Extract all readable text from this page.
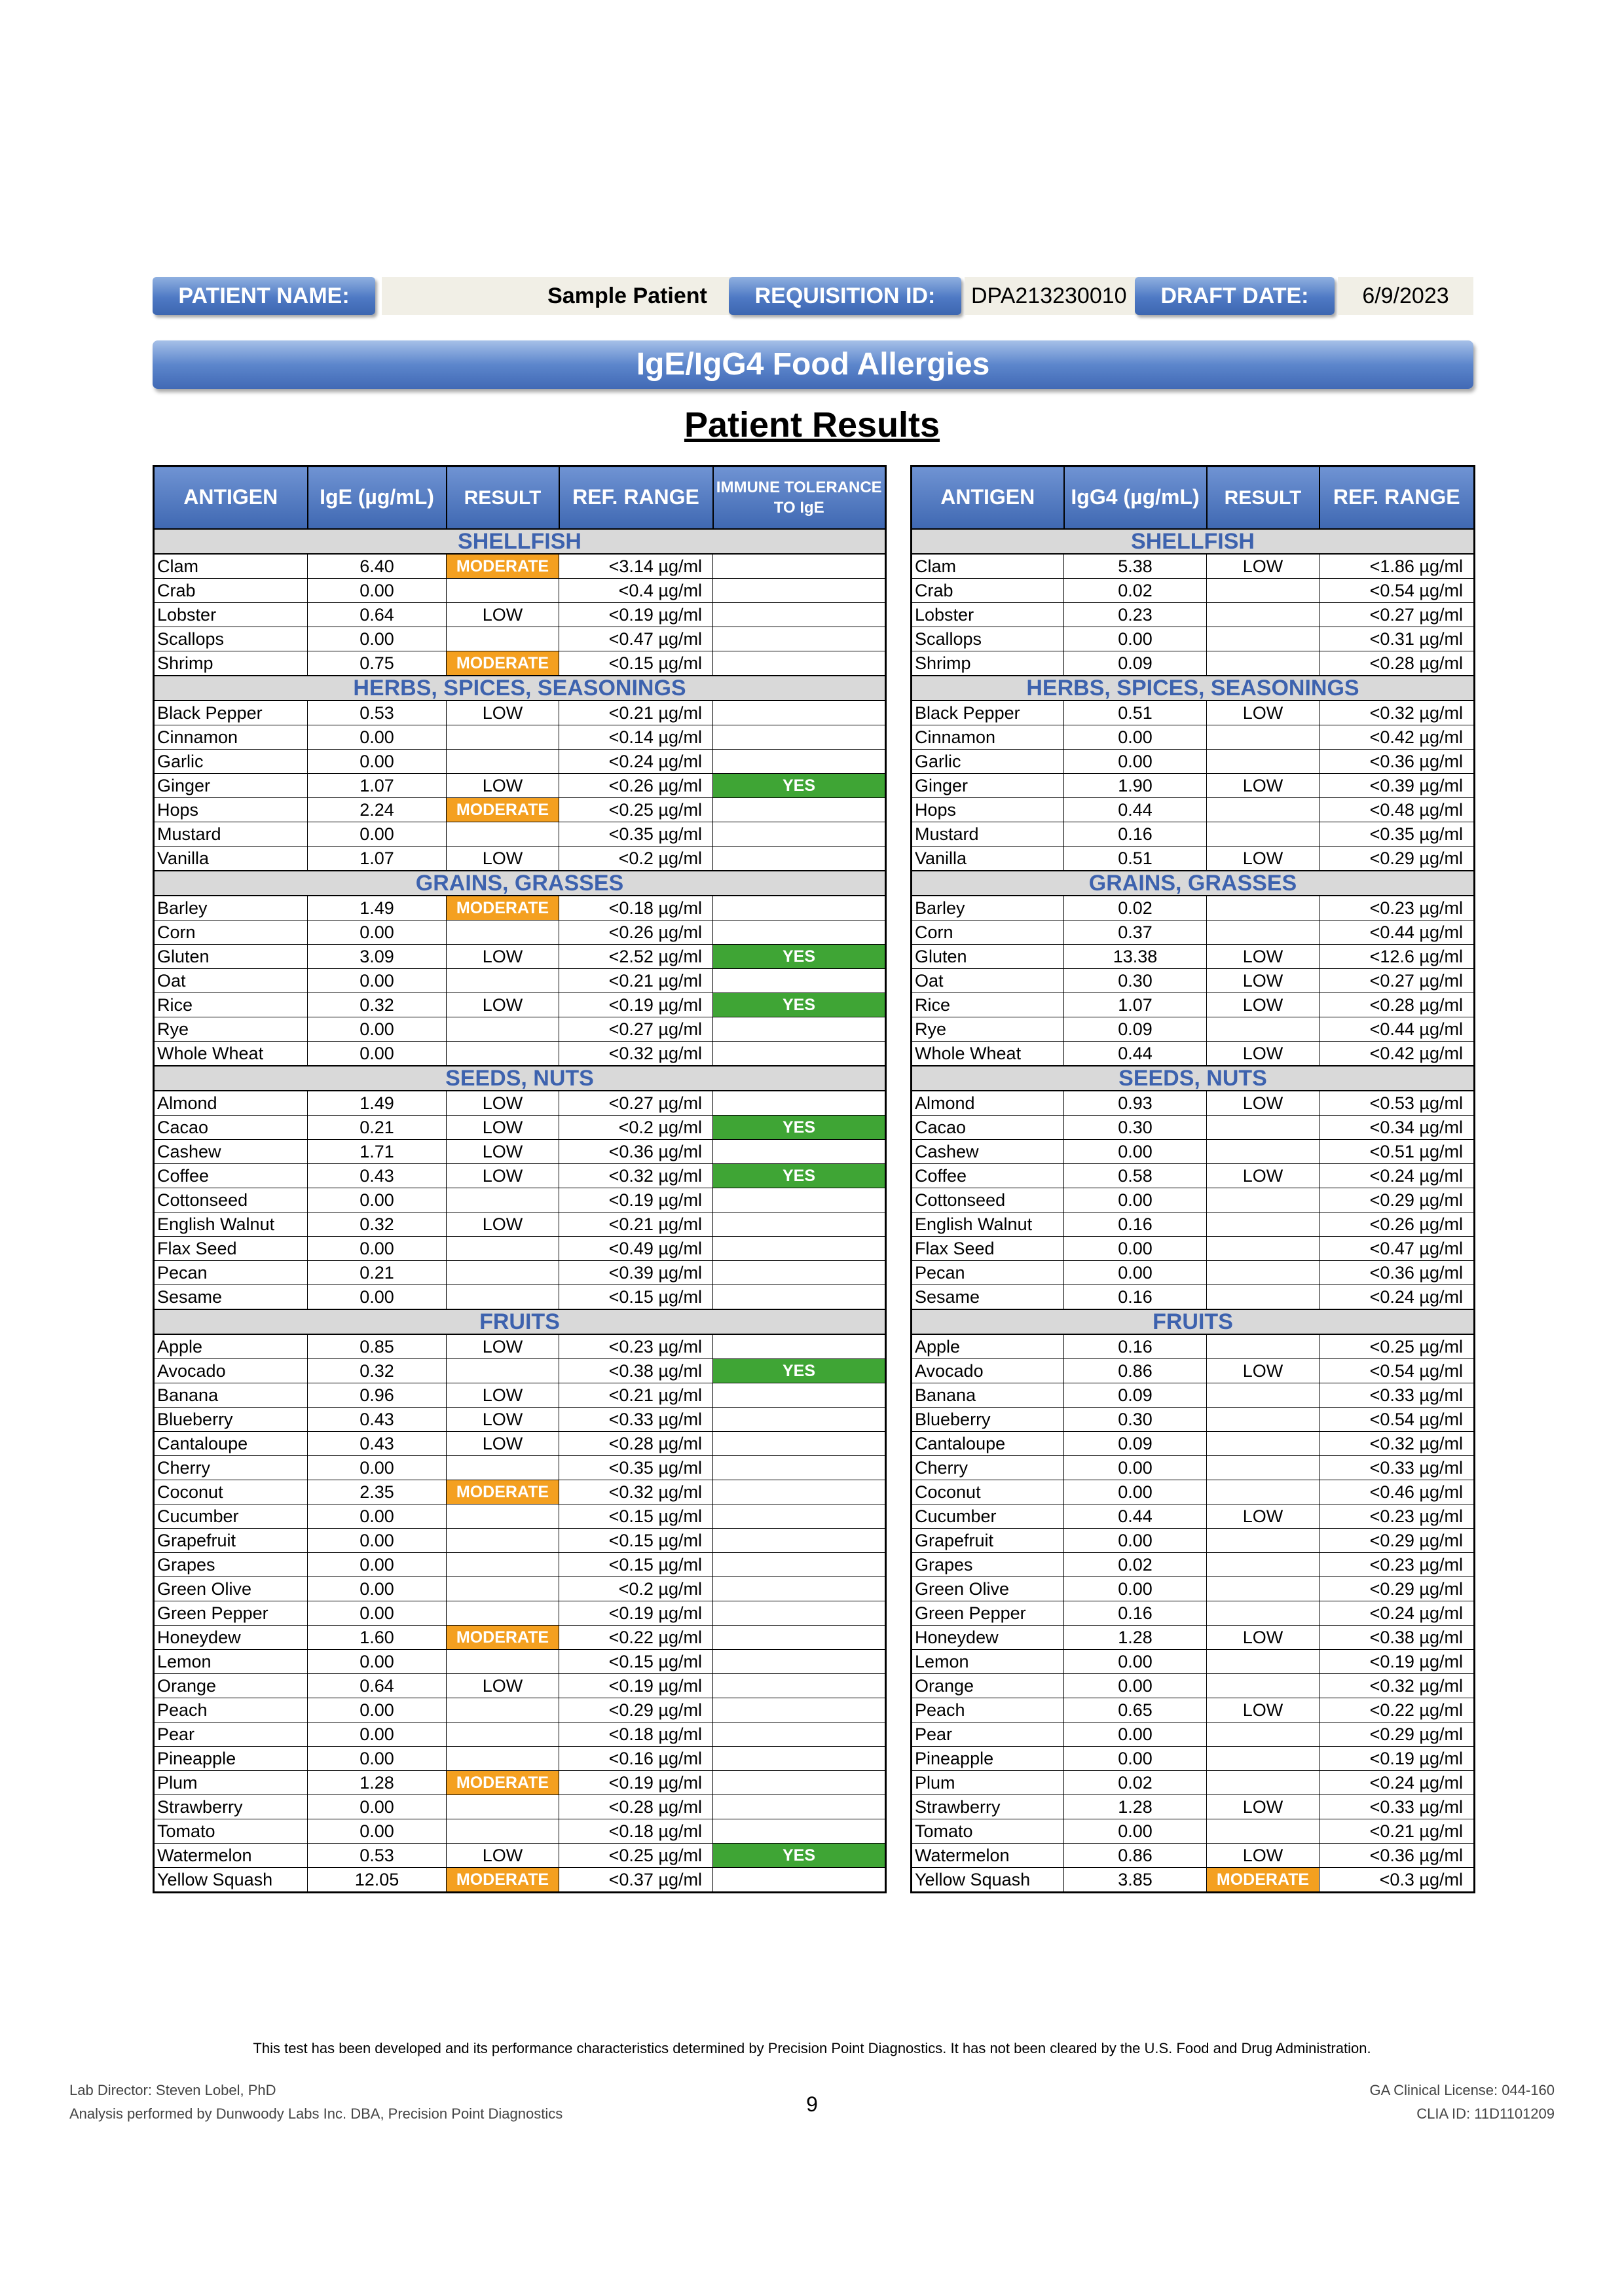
PATIENT NAME:	Sample Patient	REQUISITION ID:	DPA213230010	DRAFT DATE:	6/9/2023
IgE/IgG4 Food Allergies
Patient Results
ANTIGEN	IgE (µg/mL)	RESULT	REF. RANGE	IMMUNE TOLERANCE TO IgE
SHELLFISH				
Clam	6.40	MODERATE	<3.14 µg/ml	
Crab	0.00		<0.4 µg/ml	
Lobster	0.64	LOW	<0.19 µg/ml	
Scallops	0.00		<0.47 µg/ml	
Shrimp	0.75	MODERATE	<0.15 µg/ml	
HERBS, SPICES, SEASONINGS				
Black Pepper	0.53	LOW	<0.21 µg/ml	
Cinnamon	0.00		<0.14 µg/ml	
Garlic	0.00		<0.24 µg/ml	
Ginger	1.07	LOW	<0.26 µg/ml	YES
Hops	2.24	MODERATE	<0.25 µg/ml	
Mustard	0.00		<0.35 µg/ml	
Vanilla	1.07	LOW	<0.2 µg/ml	
GRAINS, GRASSES				
Barley	1.49	MODERATE	<0.18 µg/ml	
Corn	0.00		<0.26 µg/ml	
Gluten	3.09	LOW	<2.52 µg/ml	YES
Oat	0.00		<0.21 µg/ml	
Rice	0.32	LOW	<0.19 µg/ml	YES
Rye	0.00		<0.27 µg/ml	
Whole Wheat	0.00		<0.32 µg/ml	
SEEDS, NUTS				
Almond	1.49	LOW	<0.27 µg/ml	
Cacao	0.21	LOW	<0.2 µg/ml	YES
Cashew	1.71	LOW	<0.36 µg/ml	
Coffee	0.43	LOW	<0.32 µg/ml	YES
Cottonseed	0.00		<0.19 µg/ml	
English Walnut	0.32	LOW	<0.21 µg/ml	
Flax Seed	0.00		<0.49 µg/ml	
Pecan	0.21		<0.39 µg/ml	
Sesame	0.00		<0.15 µg/ml	
FRUITS				
Apple	0.85	LOW	<0.23 µg/ml	
Avocado	0.32		<0.38 µg/ml	YES
Banana	0.96	LOW	<0.21 µg/ml	
Blueberry	0.43	LOW	<0.33 µg/ml	
Cantaloupe	0.43	LOW	<0.28 µg/ml	
Cherry	0.00		<0.35 µg/ml	
Coconut	2.35	MODERATE	<0.32 µg/ml	
Cucumber	0.00		<0.15 µg/ml	
Grapefruit	0.00		<0.15 µg/ml	
Grapes	0.00		<0.15 µg/ml	
Green Olive	0.00		<0.2 µg/ml	
Green Pepper	0.00		<0.19 µg/ml	
Honeydew	1.60	MODERATE	<0.22 µg/ml	
Lemon	0.00		<0.15 µg/ml	
Orange	0.64	LOW	<0.19 µg/ml	
Peach	0.00		<0.29 µg/ml	
Pear	0.00		<0.18 µg/ml	
Pineapple	0.00		<0.16 µg/ml	
Plum	1.28	MODERATE	<0.19 µg/ml	
Strawberry	0.00		<0.28 µg/ml	
Tomato	0.00		<0.18 µg/ml	
Watermelon	0.53	LOW	<0.25 µg/ml	YES
Yellow Squash	12.05	MODERATE	<0.37 µg/ml	
ANTIGEN	IgG4 (µg/mL)	RESULT	REF. RANGE
SHELLFISH			
Clam	5.38	LOW	<1.86 µg/ml
Crab	0.02		<0.54 µg/ml
Lobster	0.23		<0.27 µg/ml
Scallops	0.00		<0.31 µg/ml
Shrimp	0.09		<0.28 µg/ml
HERBS, SPICES, SEASONINGS			
Black Pepper	0.51	LOW	<0.32 µg/ml
Cinnamon	0.00		<0.42 µg/ml
Garlic	0.00		<0.36 µg/ml
Ginger	1.90	LOW	<0.39 µg/ml
Hops	0.44		<0.48 µg/ml
Mustard	0.16		<0.35 µg/ml
Vanilla	0.51	LOW	<0.29 µg/ml
GRAINS, GRASSES			
Barley	0.02		<0.23 µg/ml
Corn	0.37		<0.44 µg/ml
Gluten	13.38	LOW	<12.6 µg/ml
Oat	0.30	LOW	<0.27 µg/ml
Rice	1.07	LOW	<0.28 µg/ml
Rye	0.09		<0.44 µg/ml
Whole Wheat	0.44	LOW	<0.42 µg/ml
SEEDS, NUTS			
Almond	0.93	LOW	<0.53 µg/ml
Cacao	0.30		<0.34 µg/ml
Cashew	0.00		<0.51 µg/ml
Coffee	0.58	LOW	<0.24 µg/ml
Cottonseed	0.00		<0.29 µg/ml
English Walnut	0.16		<0.26 µg/ml
Flax Seed	0.00		<0.47 µg/ml
Pecan	0.00		<0.36 µg/ml
Sesame	0.16		<0.24 µg/ml
FRUITS			
Apple	0.16		<0.25 µg/ml
Avocado	0.86	LOW	<0.54 µg/ml
Banana	0.09		<0.33 µg/ml
Blueberry	0.30		<0.54 µg/ml
Cantaloupe	0.09		<0.32 µg/ml
Cherry	0.00		<0.33 µg/ml
Coconut	0.00		<0.46 µg/ml
Cucumber	0.44	LOW	<0.23 µg/ml
Grapefruit	0.00		<0.29 µg/ml
Grapes	0.02		<0.23 µg/ml
Green Olive	0.00		<0.29 µg/ml
Green Pepper	0.16		<0.24 µg/ml
Honeydew	1.28	LOW	<0.38 µg/ml
Lemon	0.00		<0.19 µg/ml
Orange	0.00		<0.32 µg/ml
Peach	0.65	LOW	<0.22 µg/ml
Pear	0.00		<0.29 µg/ml
Pineapple	0.00		<0.19 µg/ml
Plum	0.02		<0.24 µg/ml
Strawberry	1.28	LOW	<0.33 µg/ml
Tomato	0.00		<0.21 µg/ml
Watermelon	0.86	LOW	<0.36 µg/ml
Yellow Squash	3.85	MODERATE	<0.3 µg/ml
This test has been developed and its performance characteristics determined by Precision Point Diagnostics. It has not been cleared by the U.S. Food and Drug Administration.
Lab Director: Steven Lobel, PhD
Analysis performed by Dunwoody Labs Inc. DBA, Precision Point Diagnostics	9
GA Clinical License: 044-160
CLIA ID: 11D1101209
